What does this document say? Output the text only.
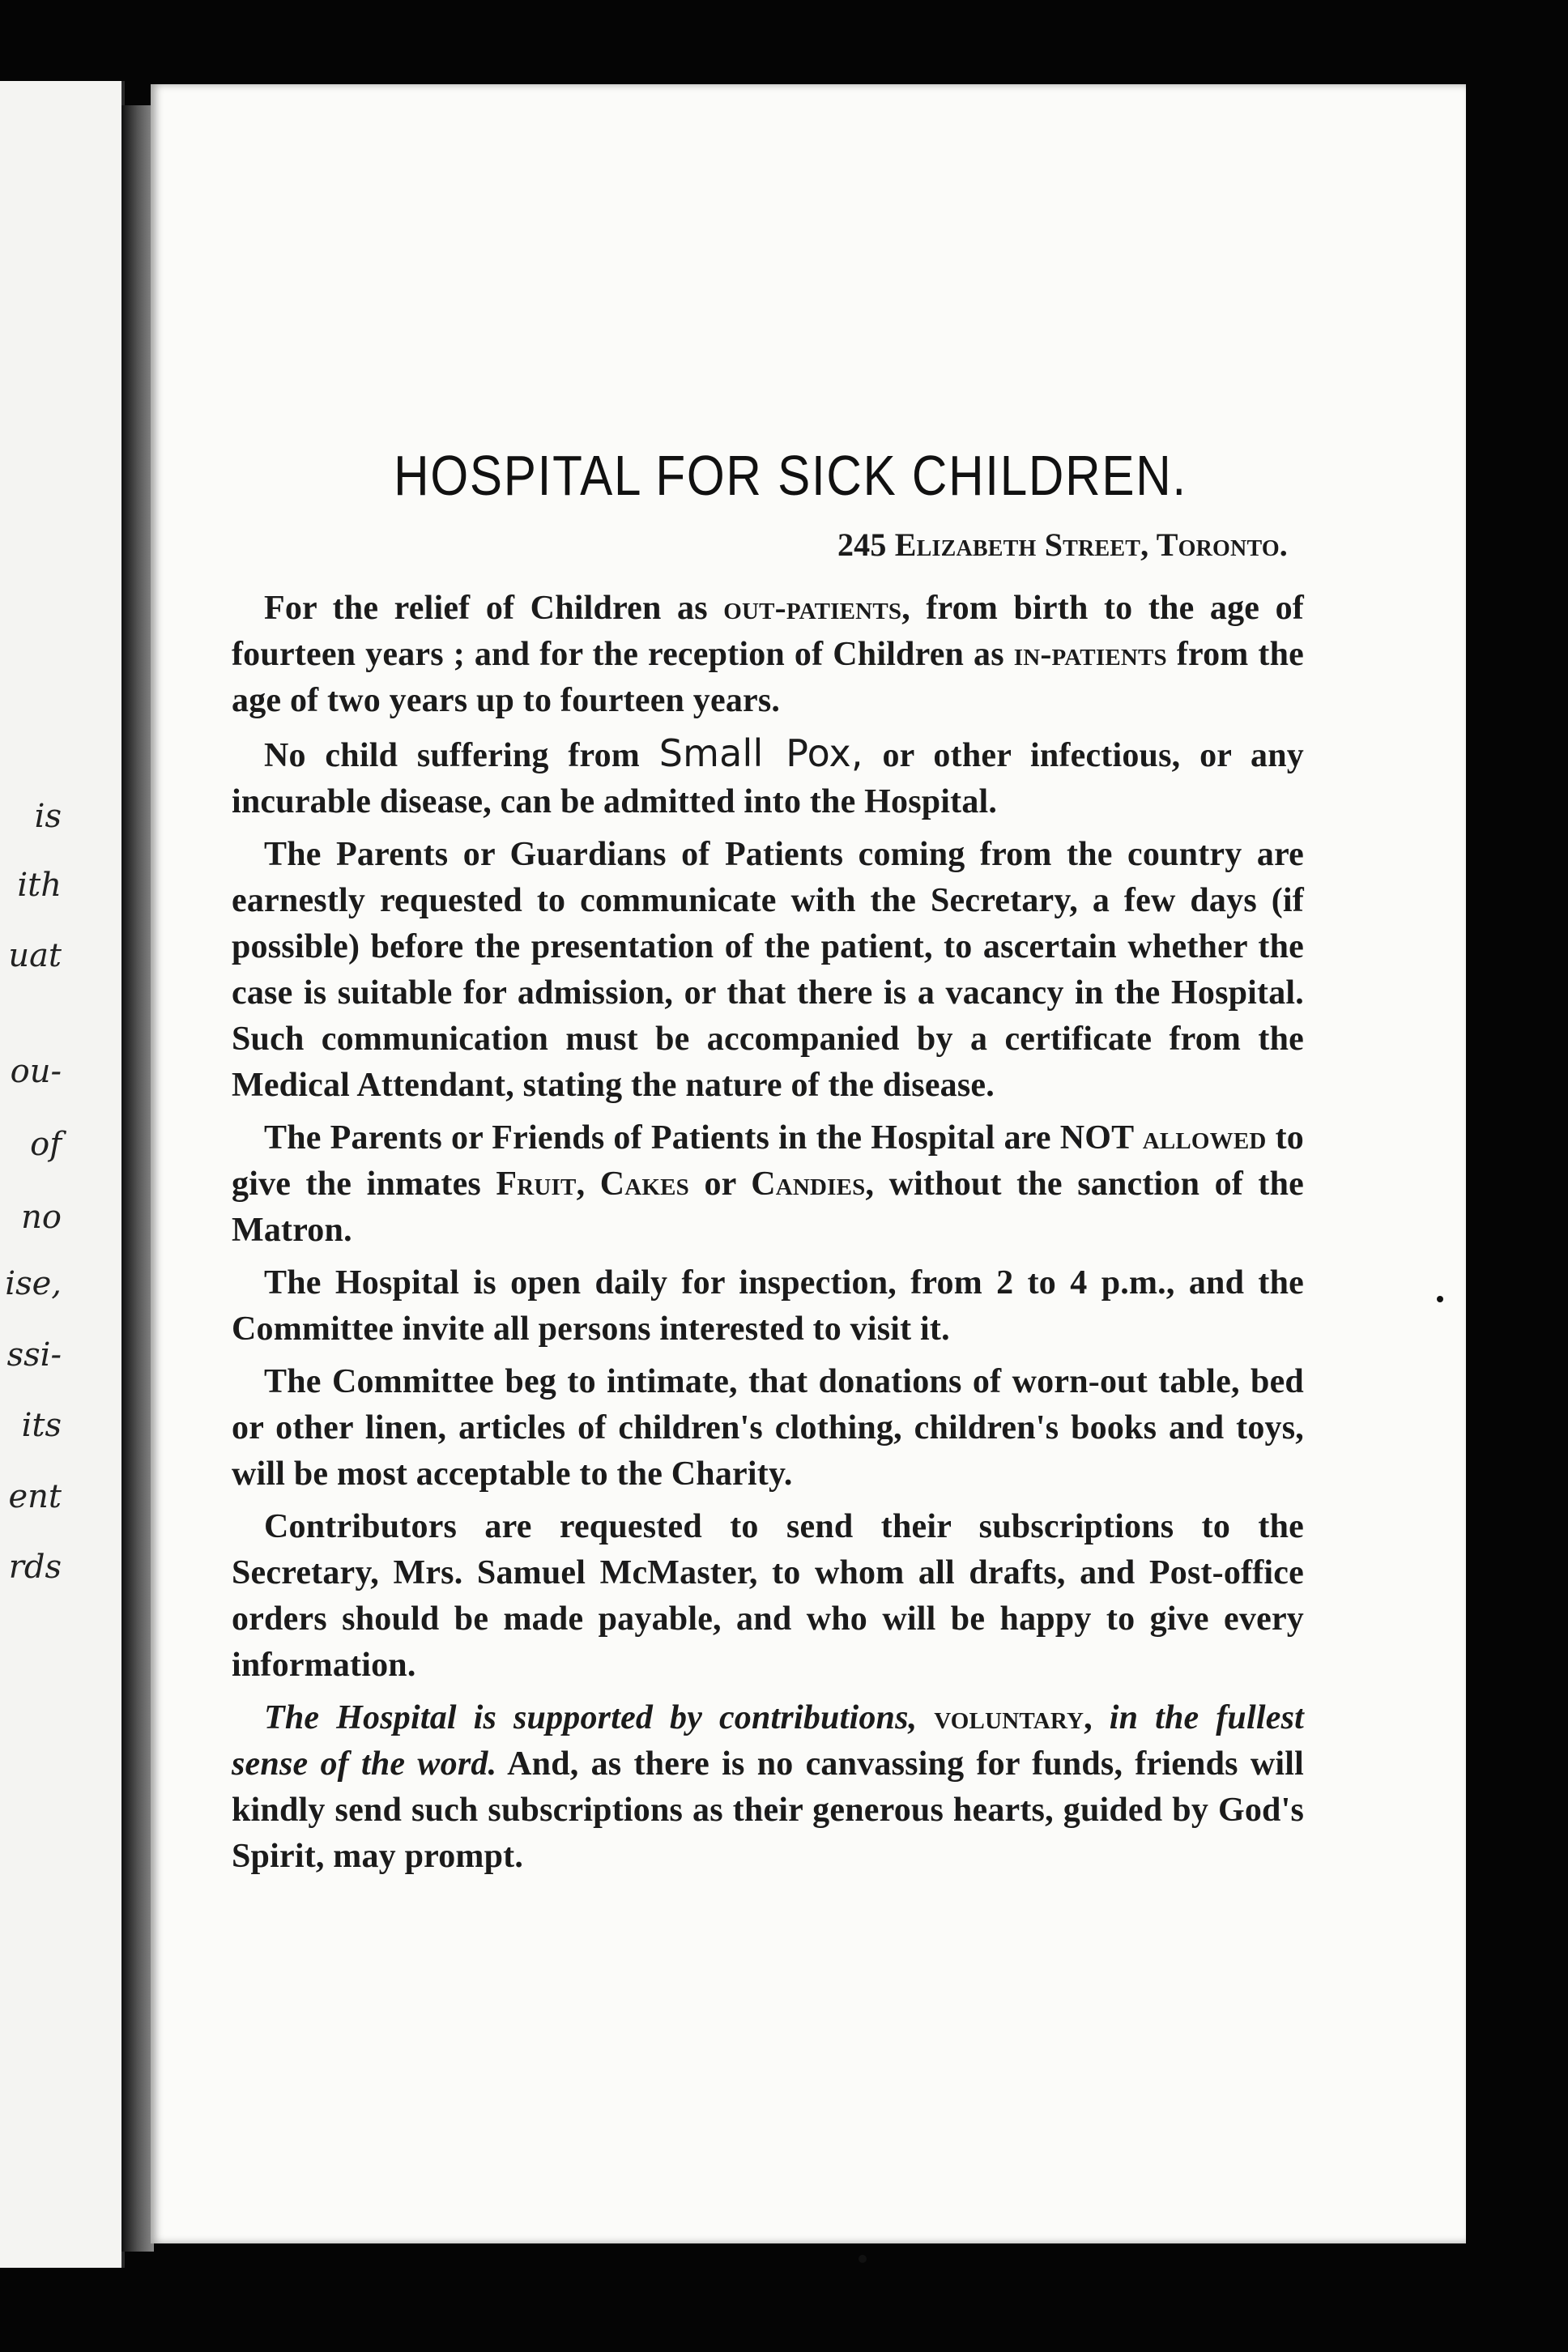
is
ith
uat
ou-
of
no
ise,
ssi-
its
ent
rds
HOSPITAL FOR SICK CHILDREN.
245 Elizabeth Street, Toronto.

For the relief of Children as out-patients, from birth to the age of fourteen years ; and for the reception of Children as in-patients from the age of two years up to fourteen years.

No child suffering from Small Pox, or other infectious, or any incurable disease, can be admitted into the Hospital.

The Parents or Guardians of Patients coming from the country are earnestly requested to communicate with the Secretary, a few days (if possible) before the presentation of the patient, to ascertain whether the case is suitable for admission, or that there is a vacancy in the Hospital. Such communication must be accompanied by a certificate from the Medical Attendant, stating the nature of the disease.

The Parents or Friends of Patients in the Hospital are NOT allowed to give the inmates Fruit, Cakes or Candies, without the sanction of the Matron.

The Hospital is open daily for inspection, from 2 to 4 p.m., and the Committee invite all persons interested to visit it.

The Committee beg to intimate, that donations of worn-out table, bed or other linen, articles of children's clothing, children's books and toys, will be most acceptable to the Charity.

Contributors are requested to send their subscriptions to the Secretary, Mrs. Samuel McMaster, to whom all drafts, and Post-office orders should be made payable, and who will be happy to give every information.

The Hospital is supported by contributions, voluntary, in the fullest sense of the word. And, as there is no canvassing for funds, friends will kindly send such subscriptions as their generous hearts, guided by God's Spirit, may prompt.
